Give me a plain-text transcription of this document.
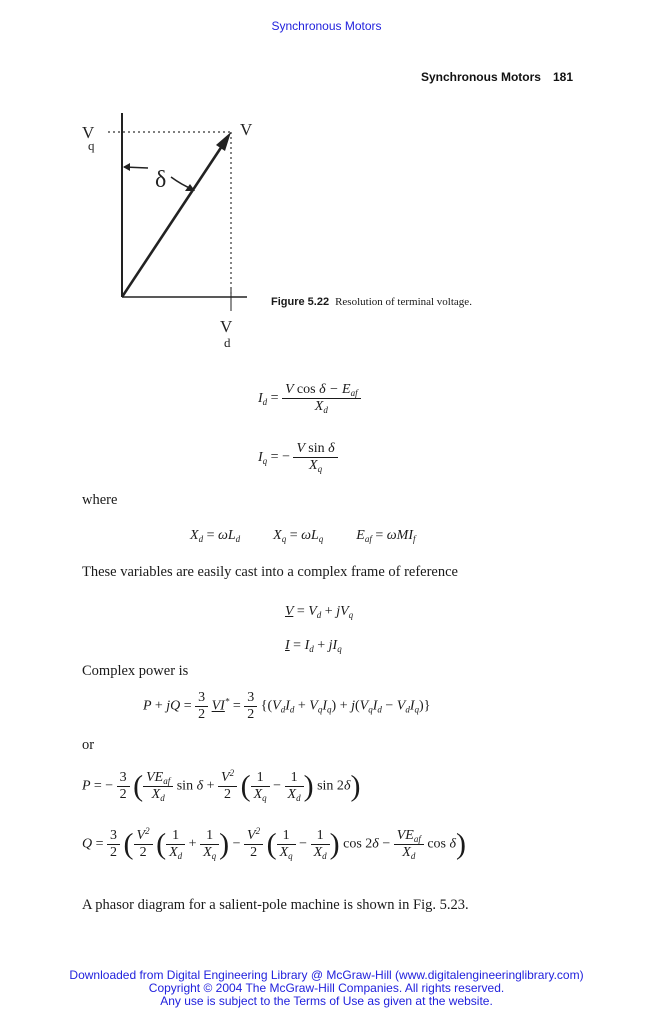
Synchronous Motors
Synchronous Motors 181
δ
V
q
V
V
d
Figure 5.22 Resolution of terminal voltage.
$I_d = \frac{V \cos \delta - E_{af}}{X_d}$
$I_q$ = − $\frac{\text{V sin δ}}{X_q}$
where
$X_d = \omega L_d$  $X_q = \omega L_q$  $E_{af} = \omega MI_f$
These variables are easily cast into a complex frame of reference
$V = V_d + jV_q$
$I = I_d + jI_q$
Complex power is
P + jQ = $\frac{3}{2} VI^* = \frac{3}{2} \{(V_dI_d + V_qI_q) + j(V_qI_d - V_dI_q)\}$
or
P = − $\frac{3}{2}$ ( $\frac{VE_{af}}{X_d}$ $\sin \delta + \frac{V^2}{2}$ ( $\frac{1}{X_q} - \frac{1}{X_d}$ ) sin 2δ)
$Q = \frac{3}{2}$ ( $\frac{V^2}{2}$ ( $\frac{1}{X_d} + \frac{1}{X_q}$ ) − $\frac{V^2}{2}$ ( $\frac{1}{X_q} - \frac{1}{X_d}$ ) $\cos 2\delta - \frac{VE_{af}}{X_d}$ cos δ)
A phasor diagram for a salient-pole machine is shown in Fig. 5.23.
Downloaded from Digital Engineering Library @ McGraw-Hill (www.digitalengineeringlibrary.com)
Copyright © 2004 The McGraw-Hill Companies. All rights reserved.
Any use is subject to the Terms of Use as given at the website.
